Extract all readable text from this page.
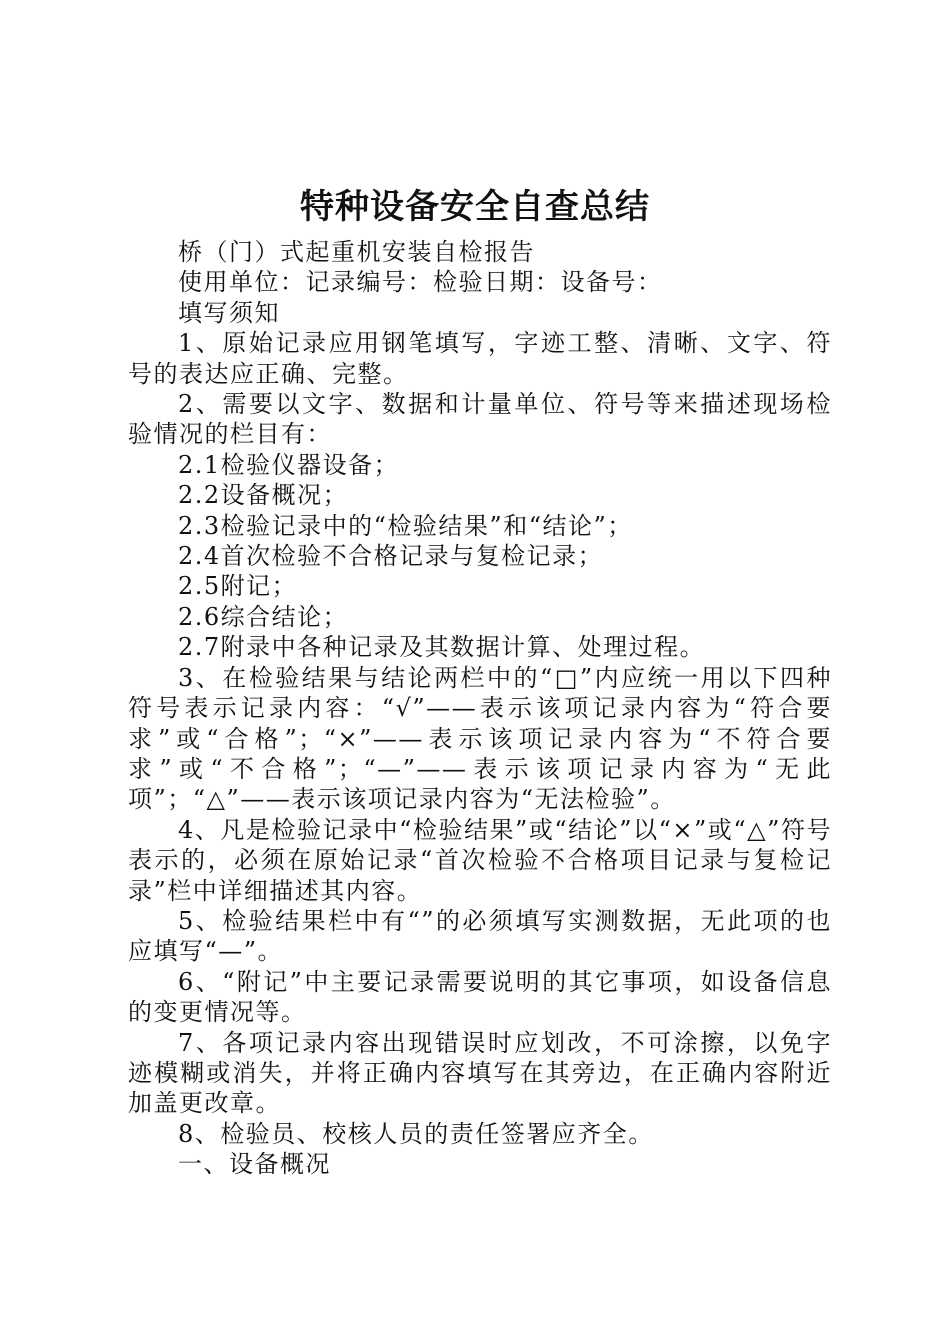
特种设备安全自查总结

桥（门）式起重机安装自检报告

使用单位：记录编号：检验日期：设备号：

填写须知

1、原始记录应用钢笔填写，字迹工整、清晰、文字、符号的表达应正确、完整。

2、需要以文字、数据和计量单位、符号等来描述现场检验情况的栏目有：

2.1检验仪器设备；

2.2设备概况；

2.3检验记录中的“检验结果”和“结论”；

2.4首次检验不合格记录与复检记录；

2.5附记；

2.6综合结论；

2.7附录中各种记录及其数据计算、处理过程。

3、在检验结果与结论两栏中的“□”内应统一用以下四种符号表示记录内容：“√”——表示该项记录内容为“符合要求”或“合格”；“×”——表示该项记录内容为“不符合要求”或“不合格”；“—”——表示该项记录内容为“无此项”；“△”——表示该项记录内容为“无法检验”。

4、凡是检验记录中“检验结果”或“结论”以“×”或“△”符号表示的，必须在原始记录“首次检验不合格项目记录与复检记录”栏中详细描述其内容。

5、检验结果栏中有“”的必须填写实测数据，无此项的也应填写“—”。

6、“附记”中主要记录需要说明的其它事项，如设备信息的变更情况等。

7、各项记录内容出现错误时应划改，不可涂擦，以免字迹模糊或消失，并将正确内容填写在其旁边，在正确内容附近加盖更改章。

8、检验员、校核人员的责任签署应齐全。

一、设备概况
